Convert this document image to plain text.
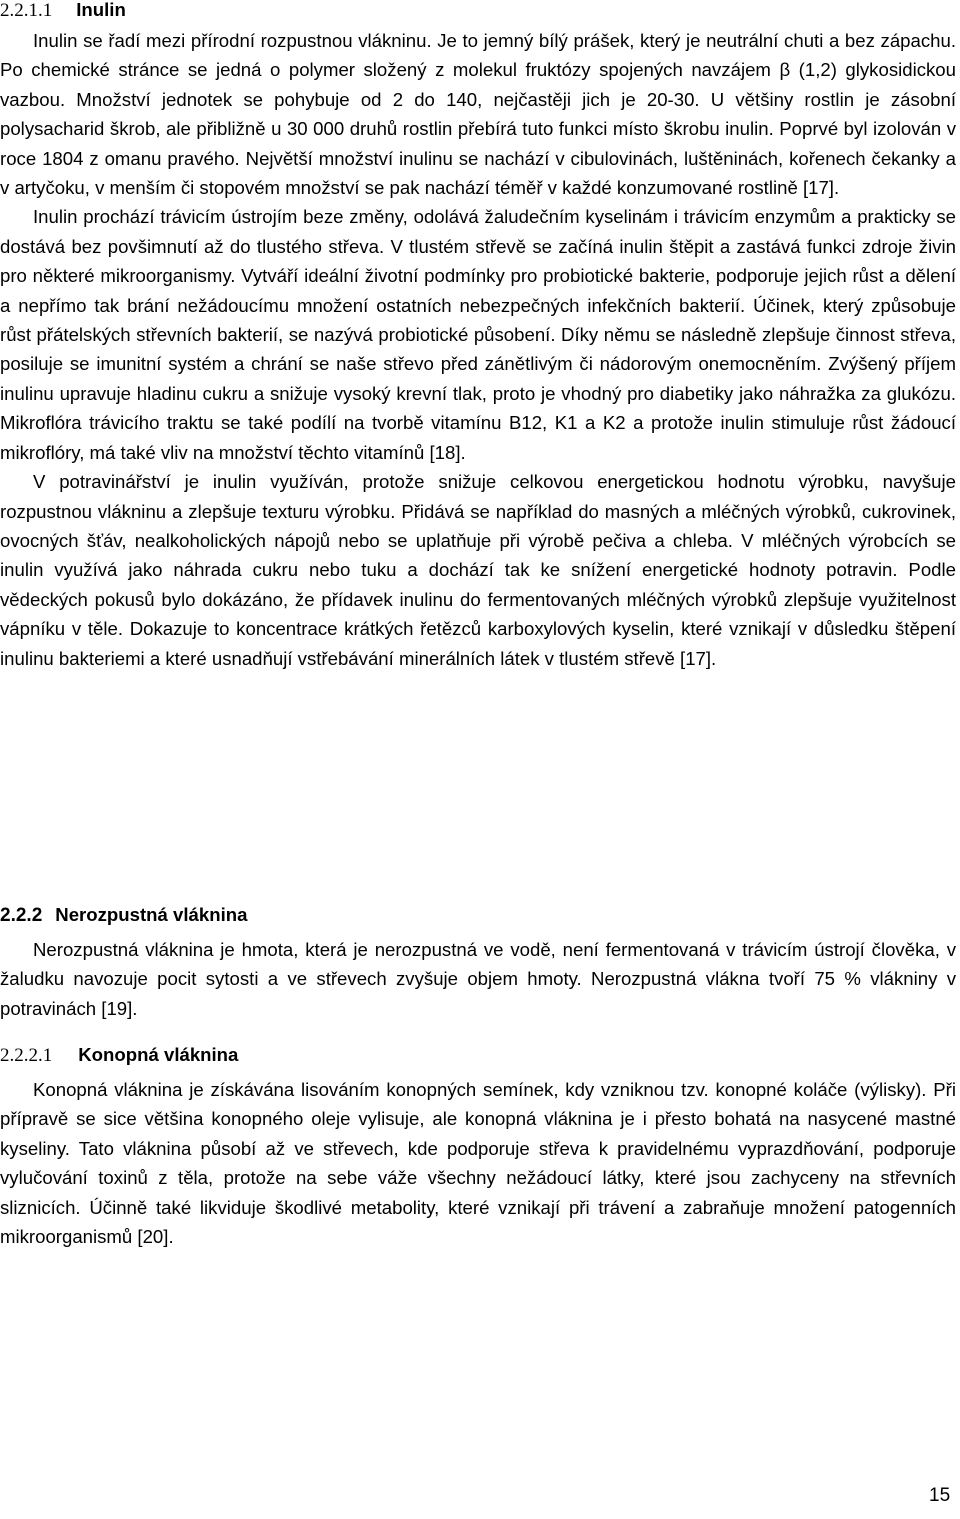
2.2.1.1 Inulin

Inulin se řadí mezi přírodní rozpustnou vlákninu. Je to jemný bílý prášek, který je neutrální chuti a bez zápachu. Po chemické stránce se jedná o polymer složený z molekul fruktózy spojených navzájem β (1,2) glykosidickou vazbou. Množství jednotek se pohybuje od 2 do 140, nejčastěji jich je 20-30. U většiny rostlin je zásobní polysacharid škrob, ale přibližně u 30 000 druhů rostlin přebírá tuto funkci místo škrobu inulin. Poprvé byl izolován v roce 1804 z omanu pravého. Největší množství inulinu se nachází v cibulovinách, luštěninách, kořenech čekanky a v artyčoku, v menším či stopovém množství se pak nachází téměř v každé konzumované rostlině [17].

Inulin prochází trávicím ústrojím beze změny, odolává žaludečním kyselinám i trávicím enzymům a prakticky se dostává bez povšimnutí až do tlustého střeva. V tlustém střevě se začíná inulin štěpit a zastává funkci zdroje živin pro některé mikroorganismy. Vytváří ideální životní podmínky pro probiotické bakterie, podporuje jejich růst a dělení a nepřímo tak brání nežádoucímu množení ostatních nebezpečných infekčních bakterií. Účinek, který způsobuje růst přátelských střevních bakterií, se nazývá probiotické působení. Díky němu se následně zlepšuje činnost střeva, posiluje se imunitní systém a chrání se naše střevo před zánětlivým či nádorovým onemocněním. Zvýšený příjem inulinu upravuje hladinu cukru a snižuje vysoký krevní tlak, proto je vhodný pro diabetiky jako náhražka za glukózu. Mikroflóra trávicího traktu se také podílí na tvorbě vitamínu B12, K1 a K2 a protože inulin stimuluje růst žádoucí mikroflóry, má také vliv na množství těchto vitamínů [18].

V potravinářství je inulin využíván, protože snižuje celkovou energetickou hodnotu výrobku, navyšuje rozpustnou vlákninu a zlepšuje texturu výrobku. Přidává se například do masných a mléčných výrobků, cukrovinek, ovocných šťáv, nealkoholických nápojů nebo se uplatňuje při výrobě pečiva a chleba. V mléčných výrobcích se inulin využívá jako náhrada cukru nebo tuku a dochází tak ke snížení energetické hodnoty potravin. Podle vědeckých pokusů bylo dokázáno, že přídavek inulinu do fermentovaných mléčných výrobků zlepšuje využitelnost vápníku v těle. Dokazuje to koncentrace krátkých řetězců karboxylových kyselin, které vznikají v důsledku štěpení inulinu bakteriemi a které usnadňují vstřebávání minerálních látek v tlustém střevě [17].

2.2.2 Nerozpustná vláknina

Nerozpustná vláknina je hmota, která je nerozpustná ve vodě, není fermentovaná v trávicím ústrojí člověka, v žaludku navozuje pocit sytosti a ve střevech zvyšuje objem hmoty. Nerozpustná vlákna tvoří 75 % vlákniny v potravinách [19].

2.2.2.1 Konopná vláknina

Konopná vláknina je získávána lisováním konopných semínek, kdy vzniknou tzv. konopné koláče (výlisky). Při přípravě se sice většina konopného oleje vylisuje, ale konopná vláknina je i přesto bohatá na nasycené mastné kyseliny. Tato vláknina působí až ve střevech, kde podporuje střeva k pravidelnému vyprazdňování, podporuje vylučování toxinů z těla, protože na sebe váže všechny nežádoucí látky, které jsou zachyceny na střevních sliznicích. Účinně také likviduje škodlivé metabolity, které vznikají při trávení a zabraňuje množení patogenních mikroorganismů [20].

15
